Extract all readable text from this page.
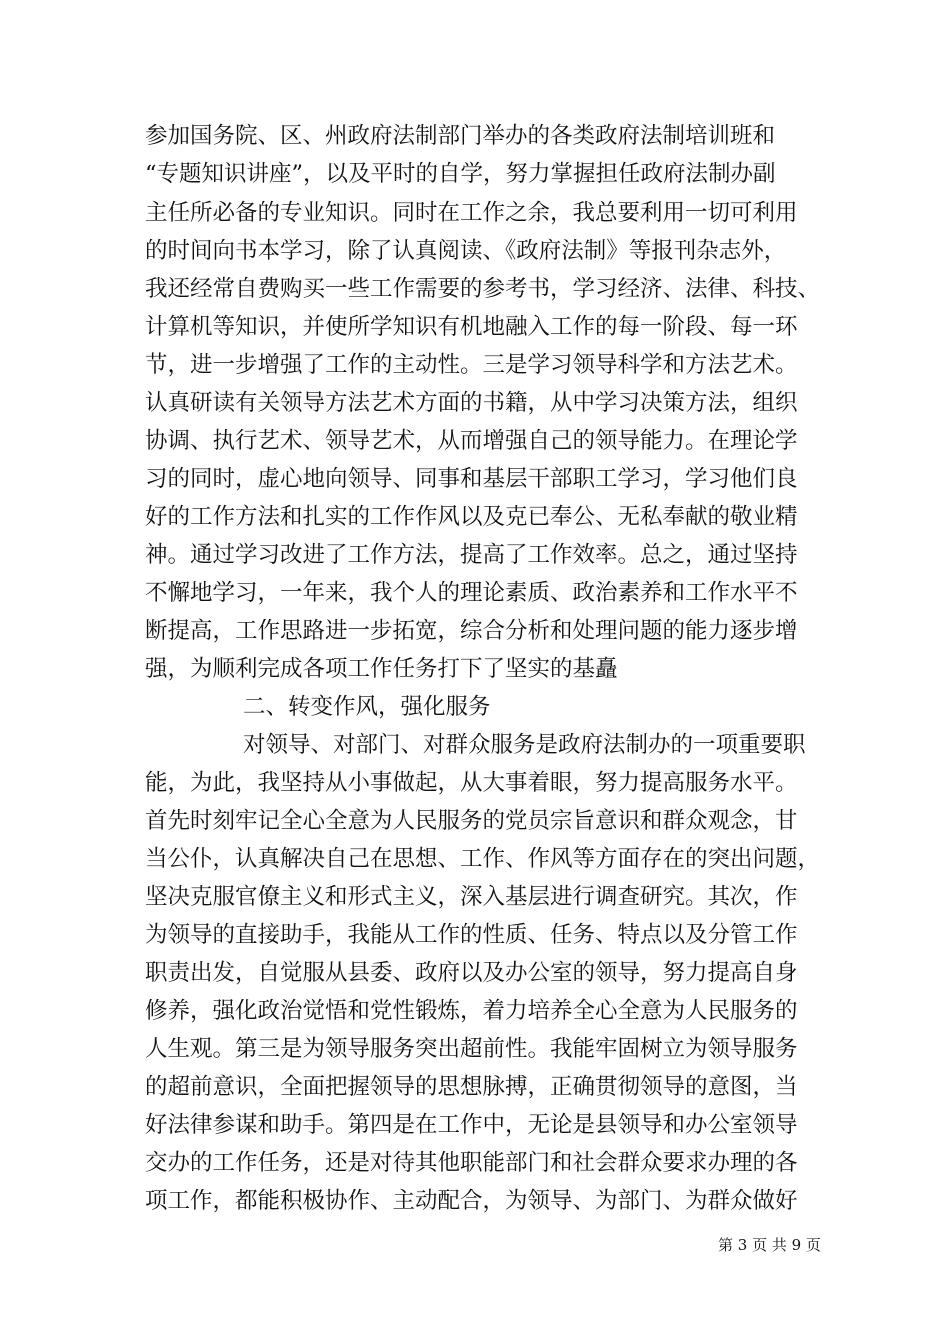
参加国务院、区、州政府法制部门举办的各类政府法制培训班和
“专题知识讲座”，以及平时的自学，努力掌握担任政府法制办副
主任所必备的专业知识。同时在工作之余，我总要利用一切可利用
的时间向书本学习，除了认真阅读、《政府法制》等报刊杂志外，
我还经常自费购买一些工作需要的参考书，学习经济、法律、科技、
计算机等知识，并使所学知识有机地融入工作的每一阶段、每一环
节，进一步增强了工作的主动性。三是学习领导科学和方法艺术。
认真研读有关领导方法艺术方面的书籍，从中学习决策方法，组织
协调、执行艺术、领导艺术，从而增强自己的领导能力。在理论学
习的同时，虚心地向领导、同事和基层干部职工学习，学习他们良
好的工作方法和扎实的工作作风以及克已奉公、无私奉献的敬业精
神。通过学习改进了工作方法，提高了工作效率。总之，通过坚持
不懈地学习，一年来，我个人的理论素质、政治素养和工作水平不
断提高，工作思路进一步拓宽，综合分析和处理问题的能力逐步增
强，为顺利完成各项工作任务打下了坚实的基矗
二、转变作风，强化服务
对领导、对部门、对群众服务是政府法制办的一项重要职
能，为此，我坚持从小事做起，从大事着眼，努力提高服务水平。
首先时刻牢记全心全意为人民服务的党员宗旨意识和群众观念，甘
当公仆，认真解决自己在思想、工作、作风等方面存在的突出问题，
坚决克服官僚主义和形式主义，深入基层进行调查研究。其次，作
为领导的直接助手，我能从工作的性质、任务、特点以及分管工作
职责出发，自觉服从县委、政府以及办公室的领导，努力提高自身
修养，强化政治觉悟和党性锻炼，着力培养全心全意为人民服务的
人生观。第三是为领导服务突出超前性。我能牢固树立为领导服务
的超前意识，全面把握领导的思想脉搏，正确贯彻领导的意图，当
好法律参谋和助手。第四是在工作中，无论是县领导和办公室领导
交办的工作任务，还是对待其他职能部门和社会群众要求办理的各
项工作，都能积极协作、主动配合，为领导、为部门、为群众做好
第 3 页 共 9 页
